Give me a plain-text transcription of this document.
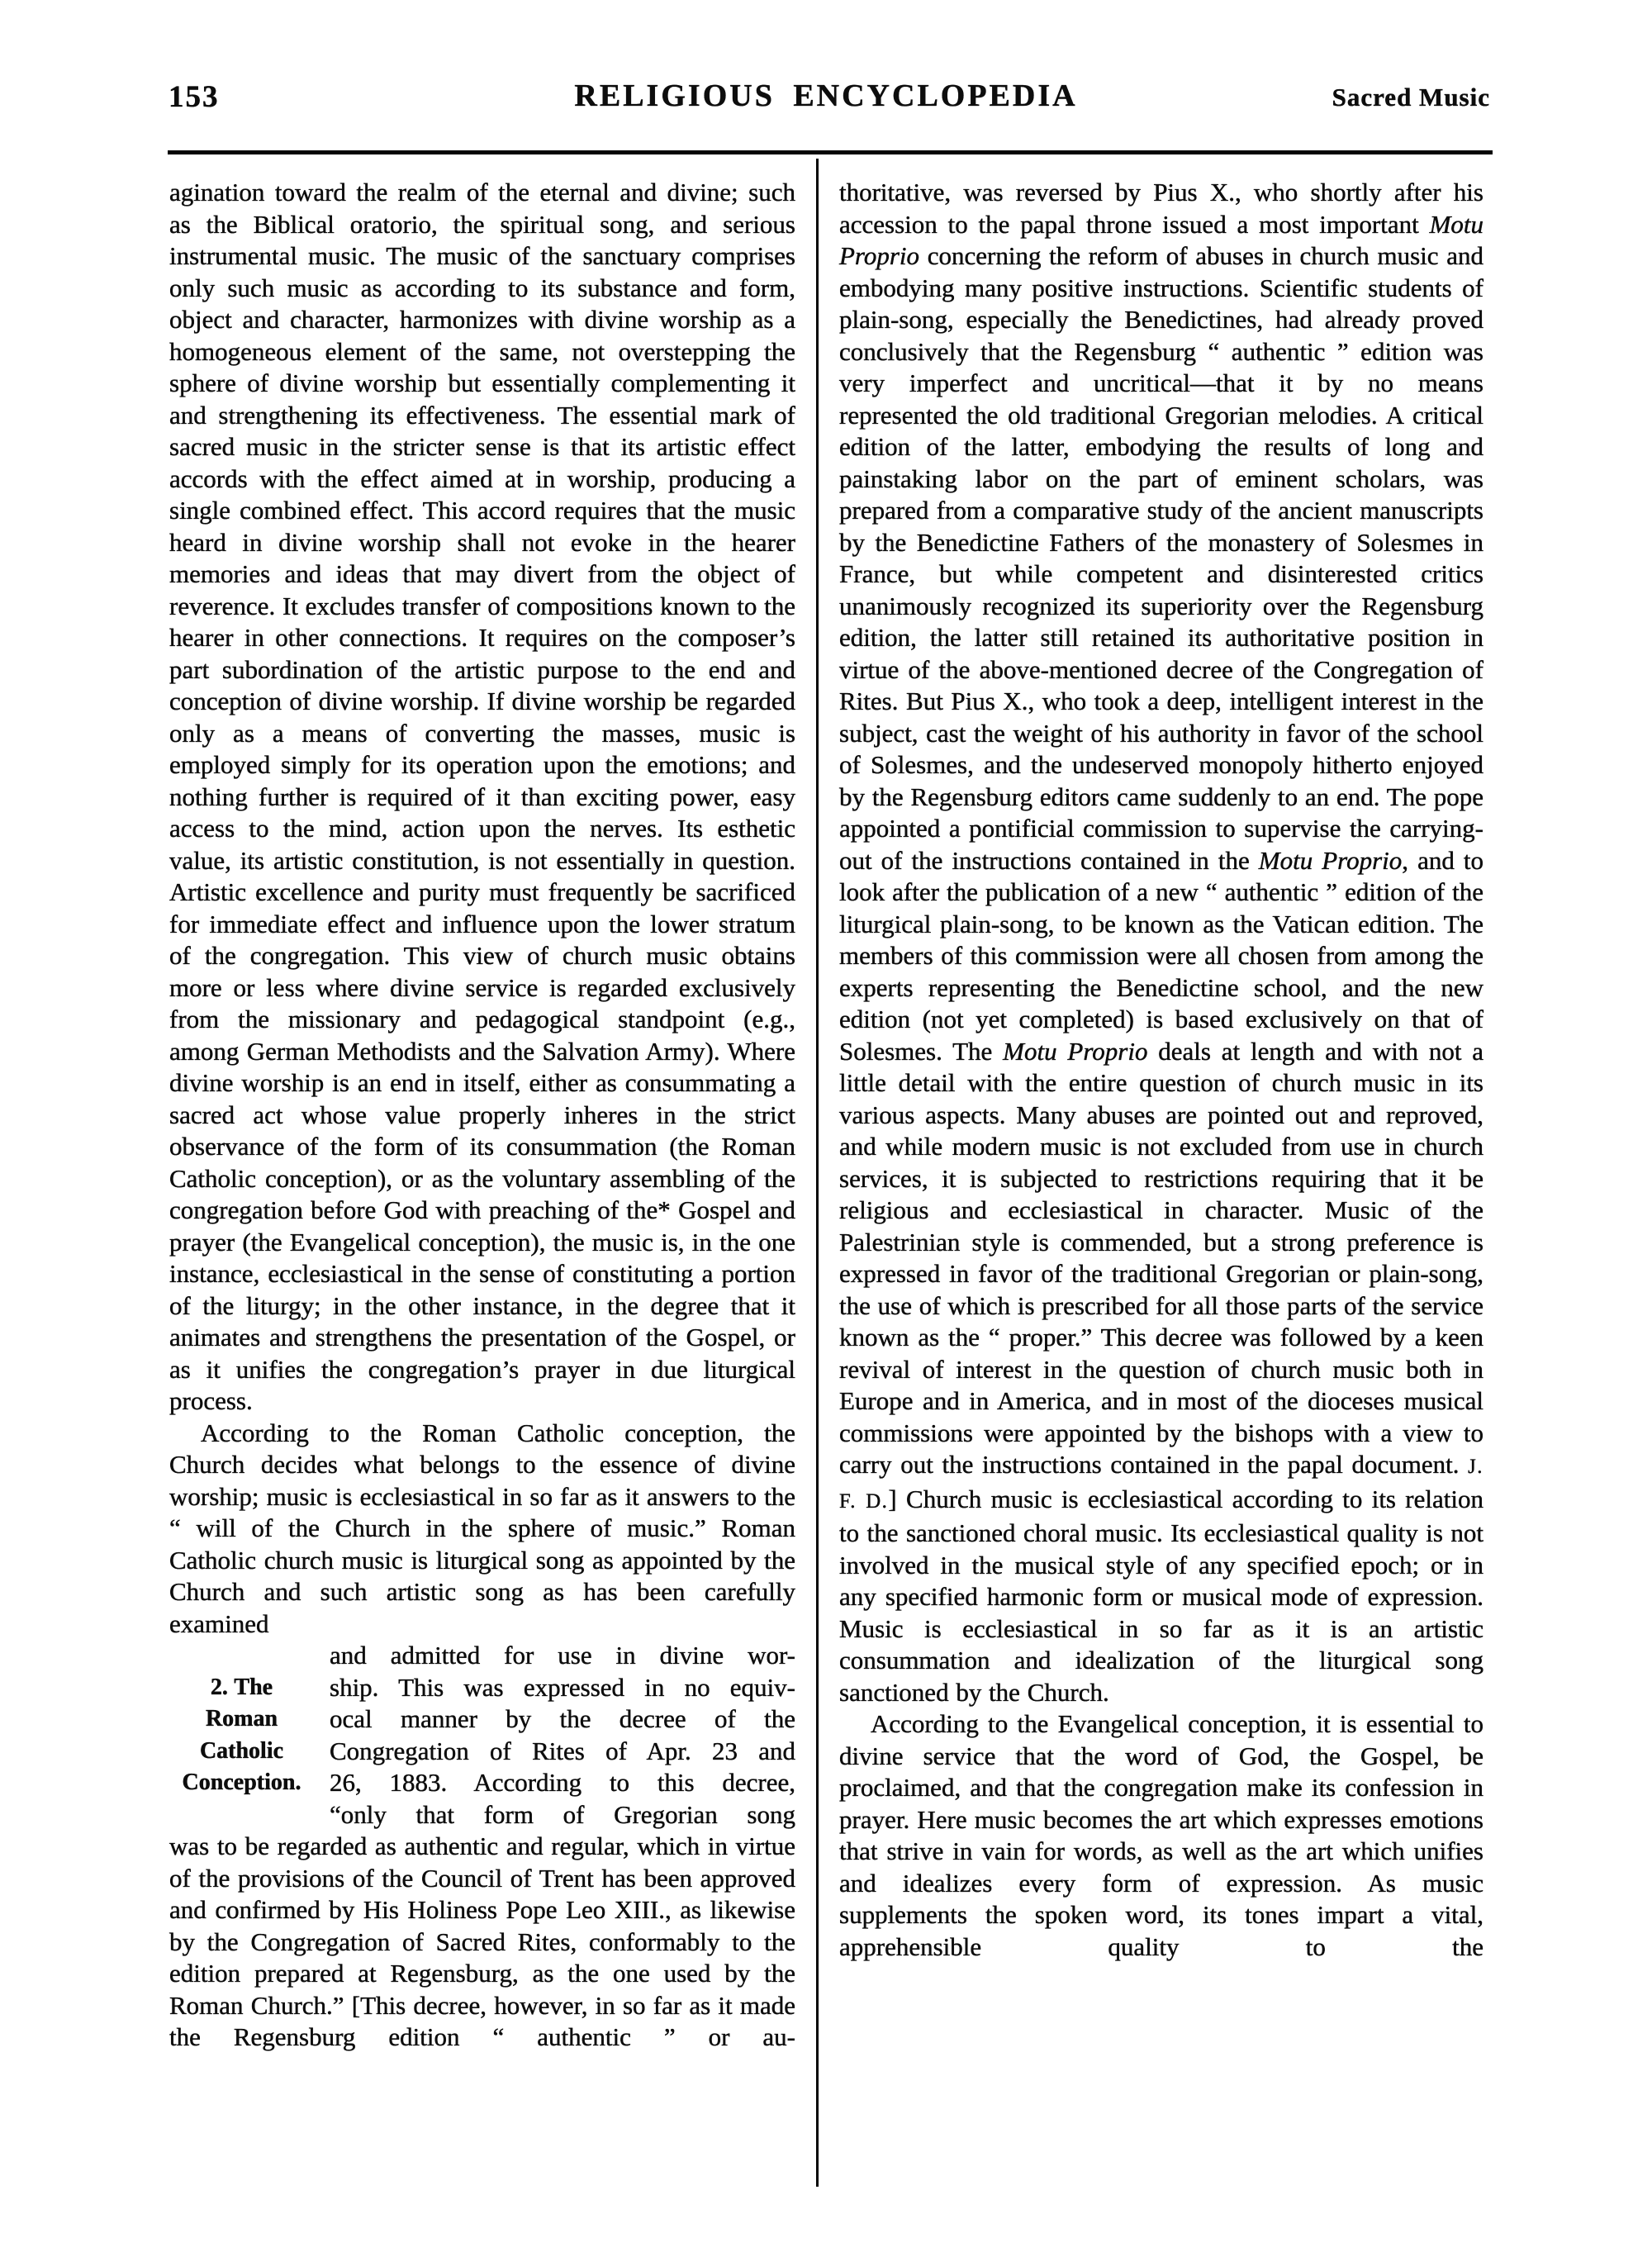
153	RELIGIOUS ENCYCLOPEDIA	Sacred Music

agination toward the realm of the eternal and divine; such as the Biblical oratorio, the spiritual song, and serious instrumental music. The music of the sanctuary comprises only such music as according to its substance and form, object and character, harmonizes with divine worship as a homogeneous element of the same, not overstepping the sphere of divine worship but essentially complementing it and strengthening its effectiveness. The essential mark of sacred music in the stricter sense is that its artistic effect accords with the effect aimed at in worship, producing a single combined effect. This accord requires that the music heard in divine worship shall not evoke in the hearer memories and ideas that may divert from the object of reverence. It excludes transfer of compositions known to the hearer in other connections. It requires on the composer’s part subordination of the artistic purpose to the end and conception of divine worship. If divine worship be regarded only as a means of converting the masses, music is employed simply for its operation upon the emotions; and nothing further is required of it than exciting power, easy access to the mind, action upon the nerves. Its esthetic value, its artistic constitution, is not essentially in question. Artistic excellence and purity must frequently be sacrificed for immediate effect and influence upon the lower stratum of the congregation. This view of church music obtains more or less where divine service is regarded exclusively from the missionary and pedagogical standpoint (e.g., among German Methodists and the Salvation Army). Where divine worship is an end in itself, either as consummating a sacred act whose value properly inheres in the strict observance of the form of its consummation (the Roman Catholic conception), or as the voluntary assembling of the congregation before God with preaching of the* Gospel and prayer (the Evangelical conception), the music is, in the one instance, ecclesiastical in the sense of constituting a portion of the liturgy; in the other instance, in the degree that it animates and strengthens the presentation of the Gospel, or as it unifies the congregation’s prayer in due liturgical process.

According to the Roman Catholic conception, the Church decides what belongs to the essence of divine worship; music is ecclesiastical in so far as it answers to the “ will of the Church in the sphere of music.” Roman Catholic church music is liturgical song as appointed by the Church and such artistic song as has been carefully examined

2. The
Roman
Catholic
Conception.
and admitted for use in divine wor-
ship. This was expressed in no equiv-
ocal manner by the decree of the
Congregation of Rites of Apr. 23 and
26, 1883. According to this decree,
“only that form of Gregorian song

was to be regarded as authentic and regular, which in virtue of the provisions of the Council of Trent has been approved and confirmed by His Holiness Pope Leo XIII., as likewise by the Congregation of Sacred Rites, conformably to the edition prepared at Regensburg, as the one used by the Roman Church.” [This decree, however, in so far as it made the Regensburg edition “ authentic ” or au-

thoritative, was reversed by Pius X., who shortly after his accession to the papal throne issued a most important Motu Proprio concerning the reform of abuses in church music and embodying many positive instructions. Scientific students of plain-song, especially the Benedictines, had already proved conclusively that the Regensburg “ authentic ” edition was very imperfect and uncritical—that it by no means represented the old traditional Gregorian melodies. A critical edition of the latter, embodying the results of long and painstaking labor on the part of eminent scholars, was prepared from a comparative study of the ancient manuscripts by the Benedictine Fathers of the monastery of Solesmes in France, but while competent and disinterested critics unanimously recognized its superiority over the Regensburg edition, the latter still retained its authoritative position in virtue of the above-mentioned decree of the Congregation of Rites. But Pius X., who took a deep, intelligent interest in the subject, cast the weight of his authority in favor of the school of Solesmes, and the undeserved monopoly hitherto enjoyed by the Regensburg editors came suddenly to an end. The pope appointed a pontificial commission to supervise the carrying-out of the instructions contained in the Motu Proprio, and to look after the publication of a new “ authentic ” edition of the liturgical plain-song, to be known as the Vatican edition. The members of this commission were all chosen from among the experts representing the Benedictine school, and the new edition (not yet completed) is based exclusively on that of Solesmes. The Motu Proprio deals at length and with not a little detail with the entire question of church music in its various aspects. Many abuses are pointed out and reproved, and while modern music is not excluded from use in church services, it is subjected to restrictions requiring that it be religious and ecclesiastical in character. Music of the Palestrinian style is commended, but a strong preference is expressed in favor of the traditional Gregorian or plain-song, the use of which is prescribed for all those parts of the service known as the “ proper.” This decree was followed by a keen revival of interest in the question of church music both in Europe and in America, and in most of the dioceses musical commissions were appointed by the bishops with a view to carry out the instructions contained in the papal document. J. F. D.] Church music is ecclesiastical according to its relation to the sanctioned choral music. Its ecclesiastical quality is not involved in the musical style of any specified epoch; or in any specified harmonic form or musical mode of expression. Music is ecclesiastical in so far as it is an artistic consummation and idealization of the liturgical song sanctioned by the Church.

According to the Evangelical conception, it is essential to divine service that the word of God, the Gospel, be proclaimed, and that the congregation make its confession in prayer. Here music becomes the art which expresses emotions that strive in vain for words, as well as the art which unifies and idealizes every form of expression. As music supplements the spoken word, its tones impart a vital, apprehensible quality to the
